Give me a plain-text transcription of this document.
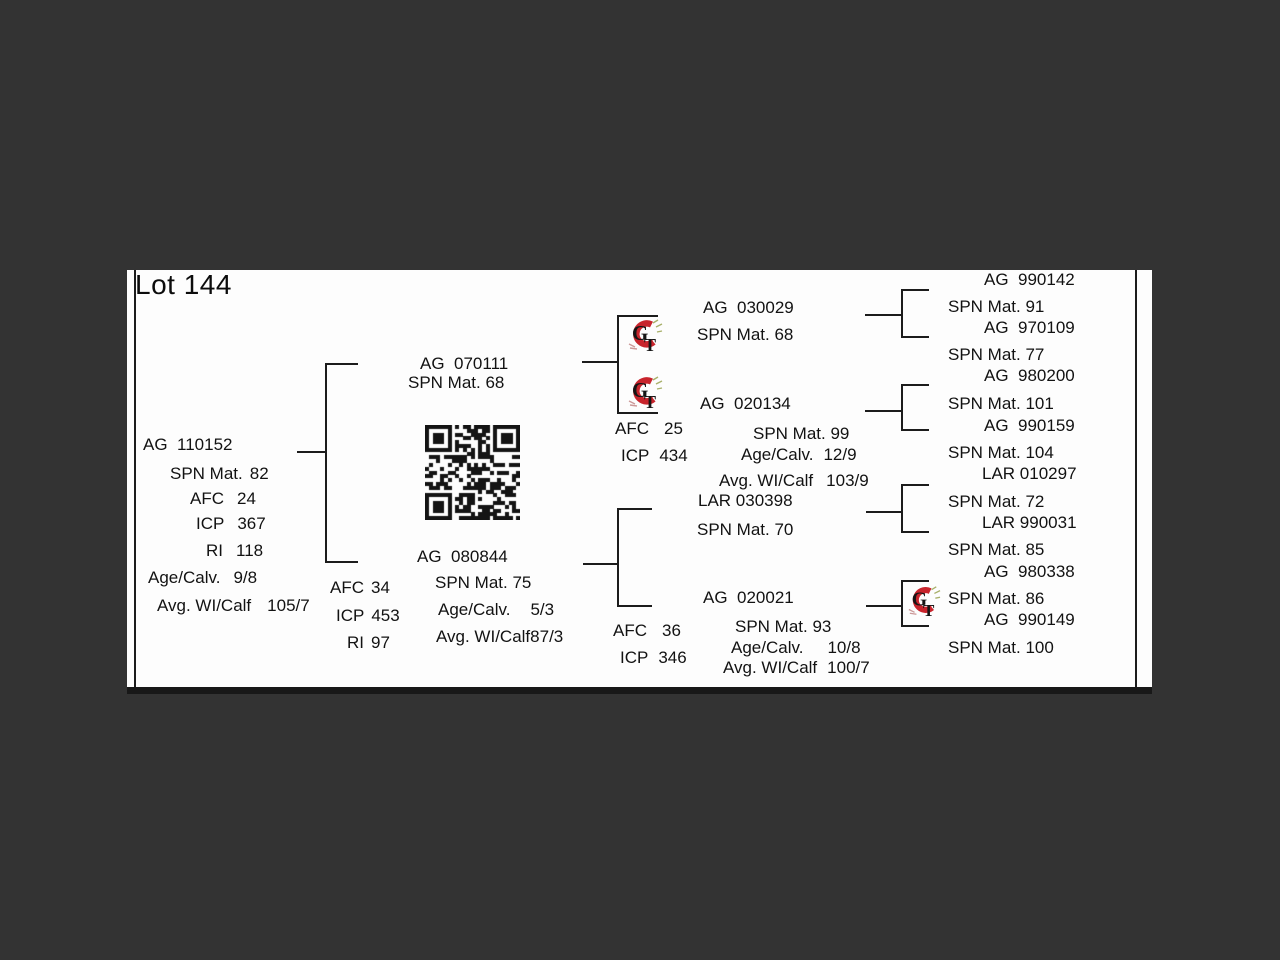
Lot 144
AG  110152
SPN Mat. 82
AFC 24
ICP 367
RI 118
Age/Calv. 9/8
Avg. WI/Calf 105/7
AG  070111
SPN Mat. 68
AG  080844
SPN Mat. 75
Age/Calv. 5/3
Avg. WI/Calf87/3
AFC 34
ICP 453
RI 97
AG  030029
SPN Mat. 68
AG  020134
SPN Mat. 99
Age/Calv. 12/9
Avg. WI/Calf 103/9
AFC 25
ICP 434
LAR 030398
SPN Mat. 70
AG  020021
SPN Mat. 93
Age/Calv. 10/8
Avg. WI/Calf 100/7
AFC 36
ICP 346
AG  990142
SPN Mat. 91
AG  970109
SPN Mat. 77
AG  980200
SPN Mat. 101
AG  990159
SPN Mat. 104
LAR 010297
SPN Mat. 72
LAR 990031
SPN Mat. 85
AG  980338
SPN Mat. 86
AG  990149
SPN Mat. 100
G
T
G
T
G
T
